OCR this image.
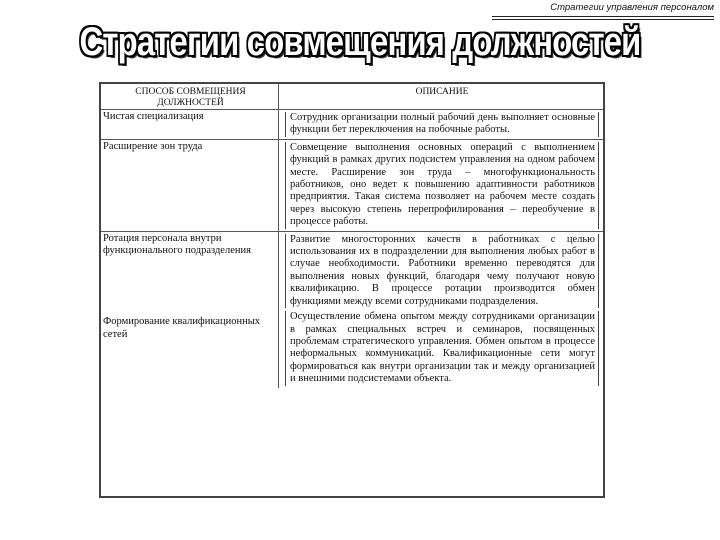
Стратегии управления персоналом
Стратегии совмещения должностей
СПОСОБ СОВМЕЩЕНИЯ ДОЛЖНОСТЕЙ	ОПИСАНИЕ
Чистая специализация	Сотрудник организации полный рабочий день выполняет основные функции бет переключения на побочные работы.

Расширение зон труда	Совмещение выполнения основных операций с выполнением функций в рамках других подсистем управления на одном рабочем месте. Расширение зон труда – многофункциональность работников, оно ведет к повышению адаптивности работников предприятия. Такая система позволяет на рабочем месте создать через высокую степень перепрофилирования – переобучение в процессе работы.

Ротация персонала внутри функционального подразделения	Развитие многосторонних качеств в работниках с целью использования их в подразделении для выполнения любых работ в случае необходимости. Работники временно переводятся для выполнения новых функций, благодаря чему получают новую квалификацию. В процессе ротации производится обмен функциями между всеми сотрудниками подразделения.

Формирование квалификационных сетей	Осуществление обмена опытом между сотрудниками организации в рамках специальных встреч и семинаров, посвященных проблемам стратегического управления. Обмен опытом в процессе неформальных коммуникаций. Квалификационные сети могут формироваться как внутри организации так и между организацией и внешними подсистемами объекта.
